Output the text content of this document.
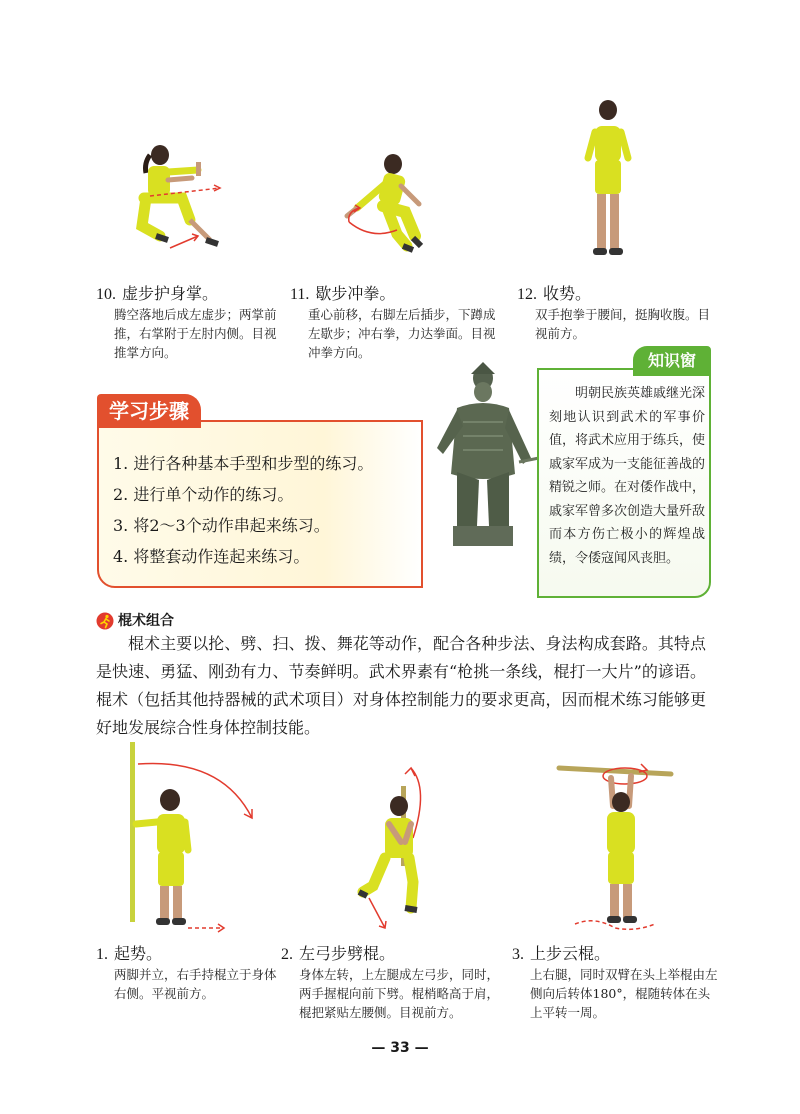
10. 虚步护身掌。
腾空落地后成左虚步；两掌前推，右掌附于左肘内侧。目视推掌方向。
11. 歇步冲拳。
重心前移，右脚左后插步，下蹲成左歇步；冲右拳，力达拳面。目视冲拳方向。
12. 收势。
双手抱拳于腰间，挺胸收腹。目视前方。
学习步骤
1. 进行各种基本手型和步型的练习。
2. 进行单个动作的练习。
3. 将2～3个动作串起来练习。
4. 将整套动作连起来练习。
知识窗
明朝民族英雄戚继光深刻地认识到武术的军事价值，将武术应用于练兵，使戚家军成为一支能征善战的精锐之师。在对倭作战中，戚家军曾多次创造大量歼敌而本方伤亡极小的辉煌战绩，令倭寇闻风丧胆。
棍术组合

棍术主要以抡、劈、扫、拨、舞花等动作，配合各种步法、身法构成套路。其特点是快速、勇猛、刚劲有力、节奏鲜明。武术界素有“枪挑一条线，棍打一大片”的谚语。棍术（包括其他持器械的武术项目）对身体控制能力的要求更高，因而棍术练习能够更好地发展综合性身体控制技能。

1. 起势。
两脚并立，右手持棍立于身体右侧。平视前方。
2. 左弓步劈棍。
身体左转，上左腿成左弓步，同时，两手握棍向前下劈。棍梢略高于肩，棍把紧贴左腰侧。目视前方。
3. 上步云棍。
上右腿，同时双臂在头上举棍由左侧向后转体180°，棍随转体在头上平转一周。
— 33 —
